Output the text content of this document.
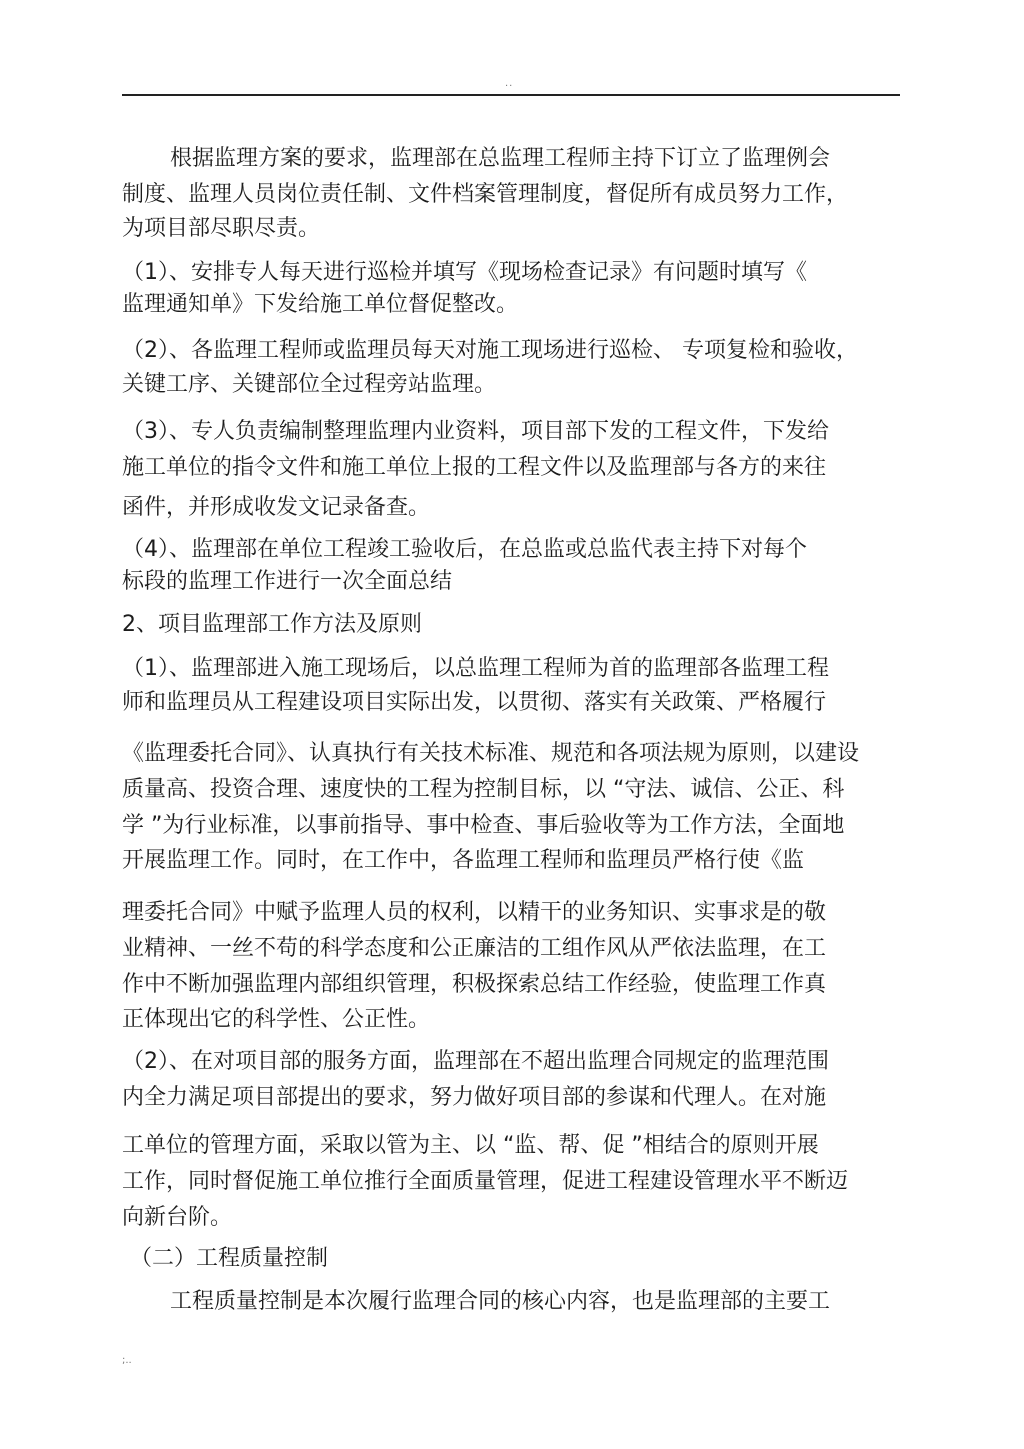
..

根据监理方案的要求，监理部在总监理工程师主持下订立了监理例会

制度、监理人员岗位责任制、文件档案管理制度，督促所有成员努力工作，

为项目部尽职尽责。

（1）、安排专人每天进行巡检并填写《现场检查记录》有问题时填写《

监理通知单》下发给施工单位督促整改。

（2）、各监理工程师或监理员每天对施工现场进行巡检、 专项复检和验收，

关键工序、关键部位全过程旁站监理。

（3）、专人负责编制整理监理内业资料，项目部下发的工程文件，下发给

施工单位的指令文件和施工单位上报的工程文件以及监理部与各方的来往

函件，并形成收发文记录备查。

（4）、监理部在单位工程竣工验收后，在总监或总监代表主持下对每个

标段的监理工作进行一次全面总结

2、项目监理部工作方法及原则

（1）、监理部进入施工现场后，以总监理工程师为首的监理部各监理工程

师和监理员从工程建设项目实际出发，以贯彻、落实有关政策、严格履行

《监理委托合同》、认真执行有关技术标准、规范和各项法规为原则，以建设

质量高、投资合理、速度快的工程为控制目标，以 “守法、诚信、公正、科

学 ”为行业标准，以事前指导、事中检查、事后验收等为工作方法，全面地

开展监理工作。同时，在工作中，各监理工程师和监理员严格行使《监

理委托合同》中赋予监理人员的权利，以精干的业务知识、实事求是的敬

业精神、一丝不苟的科学态度和公正廉洁的工组作风从严依法监理，在工

作中不断加强监理内部组织管理，积极探索总结工作经验，使监理工作真

正体现出它的科学性、公正性。

（2）、在对项目部的服务方面，监理部在不超出监理合同规定的监理范围

内全力满足项目部提出的要求，努力做好项目部的参谋和代理人。在对施

工单位的管理方面，采取以管为主、以 “监、帮、促 ”相结合的原则开展

工作，同时督促施工单位推行全面质量管理，促进工程建设管理水平不断迈

向新台阶。

（二）工程质量控制

工程质量控制是本次履行监理合同的核心内容，也是监理部的主要工

;..
